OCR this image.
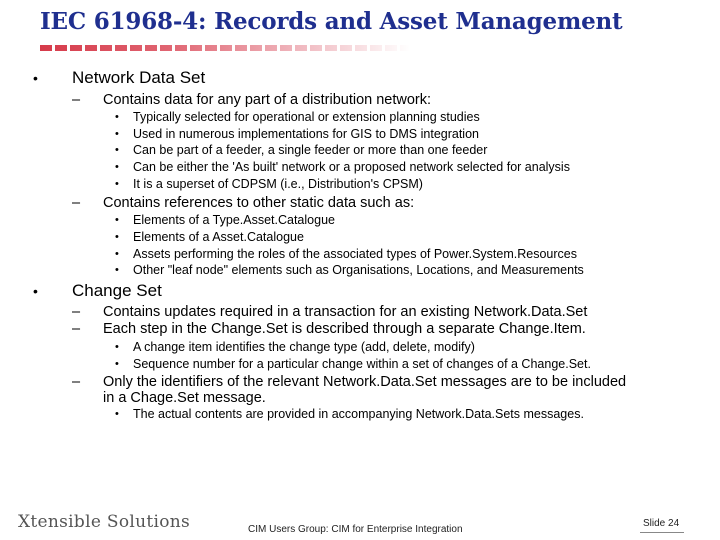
IEC 61968-4: Records and Asset Management
• Network Data Set
– Contains data for any part of a distribution network:
• Typically selected for operational or extension planning studies
• Used in numerous implementations for GIS to DMS integration
• Can be part of a feeder, a single feeder or more than one feeder
• Can be either the 'As built' network or a proposed network selected for analysis
• It is a superset of CDPSM (i.e., Distribution's CPSM)
– Contains references to other static data such as:
• Elements of a Type.Asset.Catalogue
• Elements of a Asset.Catalogue
• Assets performing the roles of the associated types of Power.System.Resources
• Other "leaf node" elements such as Organisations, Locations, and Measurements
• Change Set
– Contains updates required in a transaction for an existing Network.Data.Set
– Each step in the Change.Set is described through a separate Change.Item.
• A change item identifies the change type (add, delete, modify)
• Sequence number for a particular change within a set of changes of a Change.Set.
– Only the identifiers of the relevant Network.Data.Set messages are to be included
in a Chage.Set message.
• The actual contents are provided in accompanying Network.Data.Sets messages.
Xtensible Solutions	CIM Users Group: CIM for Enterprise Integration
Slide 24
